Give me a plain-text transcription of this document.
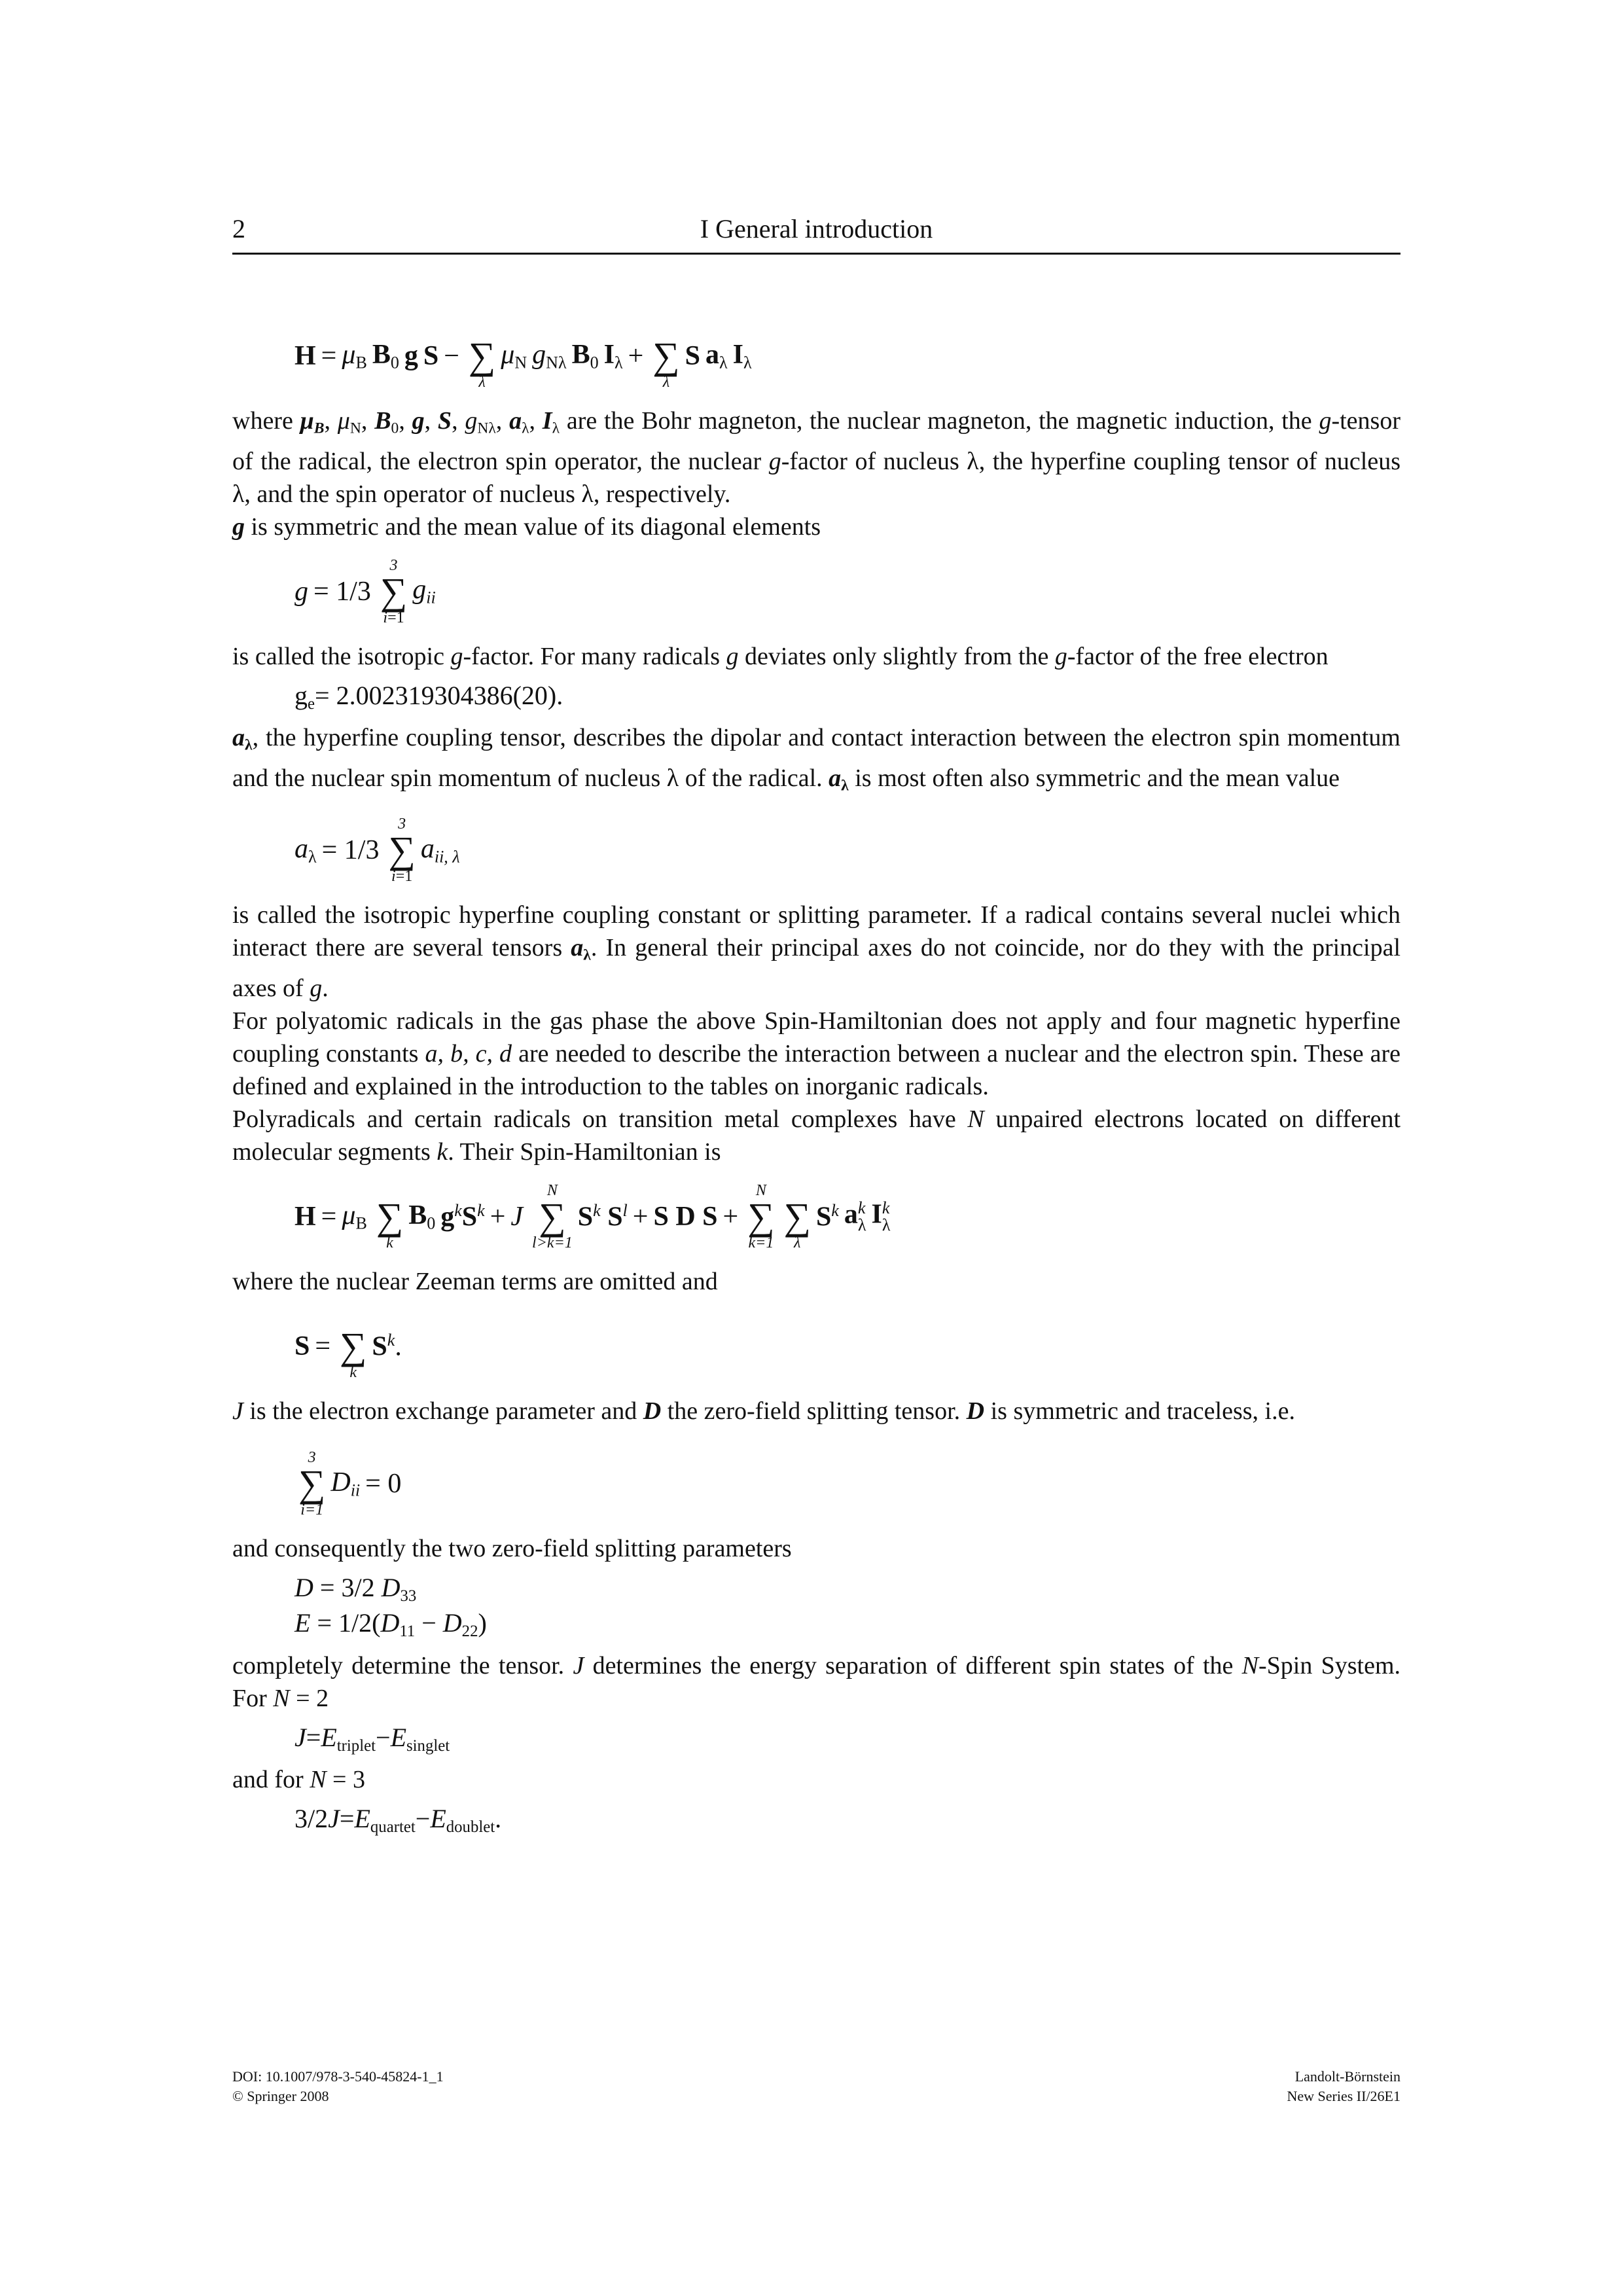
2	I General introduction
$H = \mu_B$ $B_0$ g S − ∑
λ
$\mu_N$ $g_{N\lambda}$ $B_0$ $I_\lambda$ + ∑
λ
S $a_\lambda$ $I_\lambda$

where $\mu_B$, $\mu_N$, $B_0$, g, S, $g_{N\lambda}$, $a_\lambda$, $I_\lambda$ are the Bohr magneton, the nuclear magneton, the magnetic induction, the g-tensor of the radical, the electron spin operator, the nuclear g-factor of nucleus λ, the hyperfine coupling tensor of nucleus λ, and the spin operator of nucleus λ, respectively.

g is symmetric and the mean value of its diagonal elements

g = 1/3
3
∑
i=1
$g_{ii}$

is called the isotropic g-factor. For many radicals g deviates only slightly from the g-factor of the free electron

$g_e= 2.002319304386(20)$.

$a_\lambda$, the hyperfine coupling tensor, describes the dipolar and contact interaction between the electron spin momentum and the nuclear spin momentum of nucleus λ of the radical. $a_\lambda$ is most often also symmetric and the mean value

$a_\lambda = 1/3$
3
∑
i=1
$a_{ii, \lambda}$

is called the isotropic hyperfine coupling constant or splitting parameter. If a radical contains several nuclei which interact there are several tensors $a_\lambda$. In general their principal axes do not coincide, nor do they with the principal axes of g.

For polyatomic radicals in the gas phase the above Spin-Hamiltonian does not apply and four magnetic hyperfine coupling constants a, b, c, d are needed to describe the interaction between a nuclear and the electron spin. These are defined and explained in the introduction to the tables on inorganic radicals.

Polyradicals and certain radicals on transition metal complexes have N unpaired electrons located on different molecular segments k. Their Spin-Hamiltonian is

$H = \mu_B$ ∑
k
$B_0$ $g^kS^k + J$
N
∑
l>k=1
$S^k$ $S^l + S$ D S +
N
∑
k=1
∑
λ
$S^k$ a k
λ I k
λ

where the nuclear Zeeman terms are omitted and

S = ∑
k
$S^k$.

J is the electron exchange parameter and D the zero-field splitting tensor. D is symmetric and traceless, i.e.

3
∑
i=1
$D_{ii} = 0$

and consequently the two zero-field splitting parameters

D = 3/2 $D_{33}$
$E = 1/2(D_{11} - D_{22})$

completely determine the tensor. J determines the energy separation of different spin states of the N-Spin System. For N = 2

$J=E_{triplet}-E_{singlet}$

and for N = 3

$3/2J=E_{quartet}-E_{doublet}$.
DOI: 10.1007/978-3-540-45824-1_1
© Springer 2008
Landolt-Börnstein
New Series II/26E1
